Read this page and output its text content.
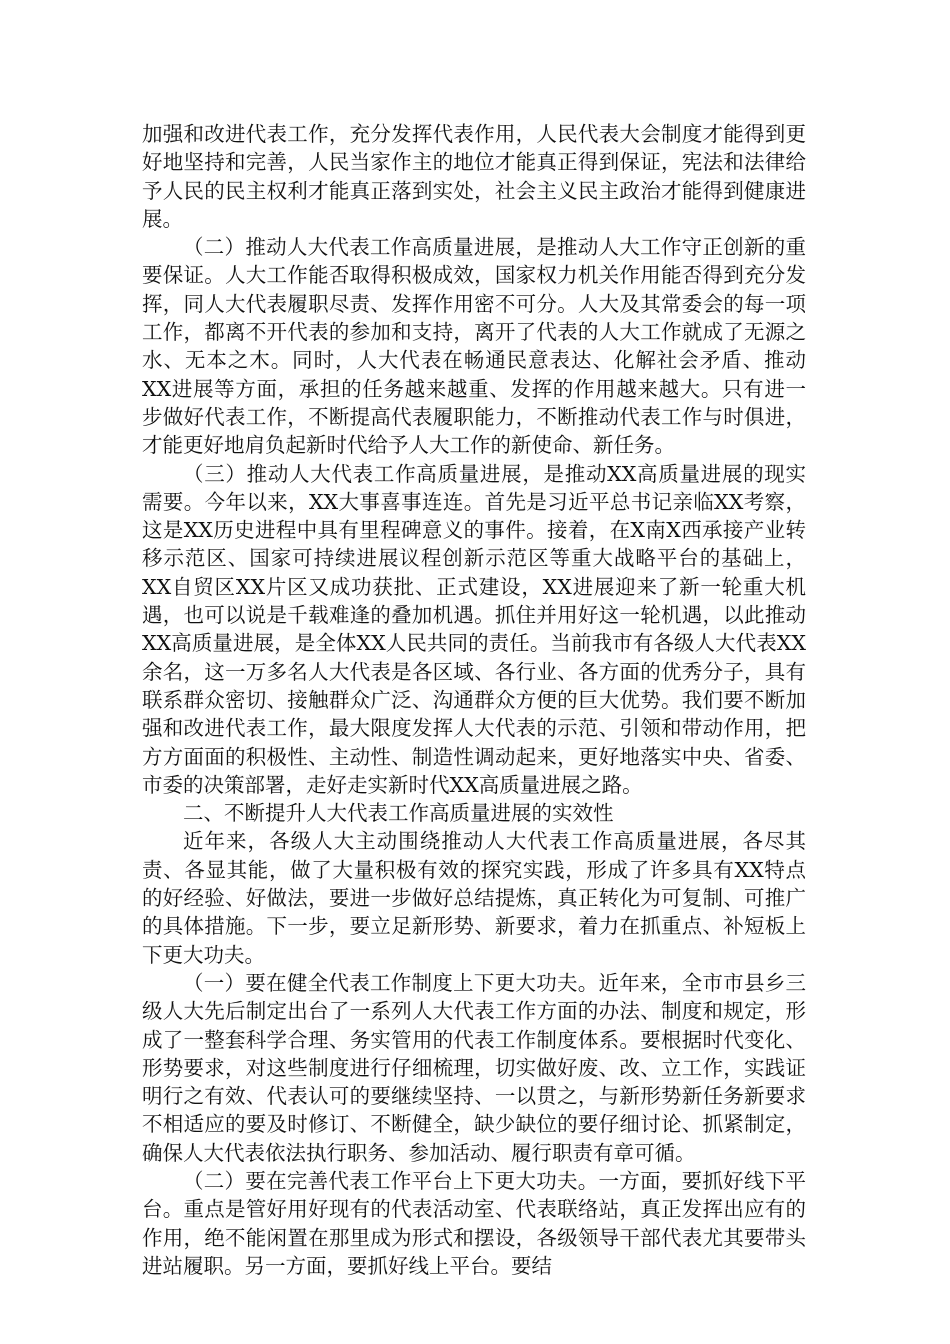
加强和改进代表工作，充分发挥代表作用，人民代表大会制度才能得到更好地坚持和完善，人民当家作主的地位才能真正得到保证，宪法和法律给予人民的民主权利才能真正落到实处，社会主义民主政治才能得到健康进展。

（二）推动人大代表工作高质量进展，是推动人大工作守正创新的重要保证。人大工作能否取得积极成效，国家权力机关作用能否得到充分发挥，同人大代表履职尽责、发挥作用密不可分。人大及其常委会的每一项工作，都离不开代表的参加和支持，离开了代表的人大工作就成了无源之水、无本之木。同时，人大代表在畅通民意表达、化解社会矛盾、推动XX进展等方面，承担的任务越来越重、发挥的作用越来越大。只有进一步做好代表工作，不断提高代表履职能力，不断推动代表工作与时俱进，才能更好地肩负起新时代给予人大工作的新使命、新任务。

（三）推动人大代表工作高质量进展，是推动XX高质量进展的现实需要。今年以来，XX大事喜事连连。首先是习近平总书记亲临XX考察，这是XX历史进程中具有里程碑意义的事件。接着，在X南X西承接产业转移示范区、国家可持续进展议程创新示范区等重大战略平台的基础上，XX自贸区XX片区又成功获批、正式建设，XX进展迎来了新一轮重大机遇，也可以说是千载难逢的叠加机遇。抓住并用好这一轮机遇，以此推动XX高质量进展，是全体XX人民共同的责任。当前我市有各级人大代表XX余名，这一万多名人大代表是各区域、各行业、各方面的优秀分子，具有联系群众密切、接触群众广泛、沟通群众方便的巨大优势。我们要不断加强和改进代表工作，最大限度发挥人大代表的示范、引领和带动作用，把方方面面的积极性、主动性、制造性调动起来，更好地落实中央、省委、市委的决策部署，走好走实新时代XX高质量进展之路。

二、不断提升人大代表工作高质量进展的实效性

近年来，各级人大主动围绕推动人大代表工作高质量进展，各尽其责、各显其能，做了大量积极有效的探究实践，形成了许多具有XX特点的好经验、好做法，要进一步做好总结提炼，真正转化为可复制、可推广的具体措施。下一步，要立足新形势、新要求，着力在抓重点、补短板上下更大功夫。

（一）要在健全代表工作制度上下更大功夫。近年来，全市市县乡三级人大先后制定出台了一系列人大代表工作方面的办法、制度和规定，形成了一整套科学合理、务实管用的代表工作制度体系。要根据时代变化、形势要求，对这些制度进行仔细梳理，切实做好废、改、立工作，实践证明行之有效、代表认可的要继续坚持、一以贯之，与新形势新任务新要求不相适应的要及时修订、不断健全，缺少缺位的要仔细讨论、抓紧制定，确保人大代表依法执行职务、参加活动、履行职责有章可循。

（二）要在完善代表工作平台上下更大功夫。一方面，要抓好线下平台。重点是管好用好现有的代表活动室、代表联络站，真正发挥出应有的作用，绝不能闲置在那里成为形式和摆设，各级领导干部代表尤其要带头进站履职。另一方面，要抓好线上平台。要结
